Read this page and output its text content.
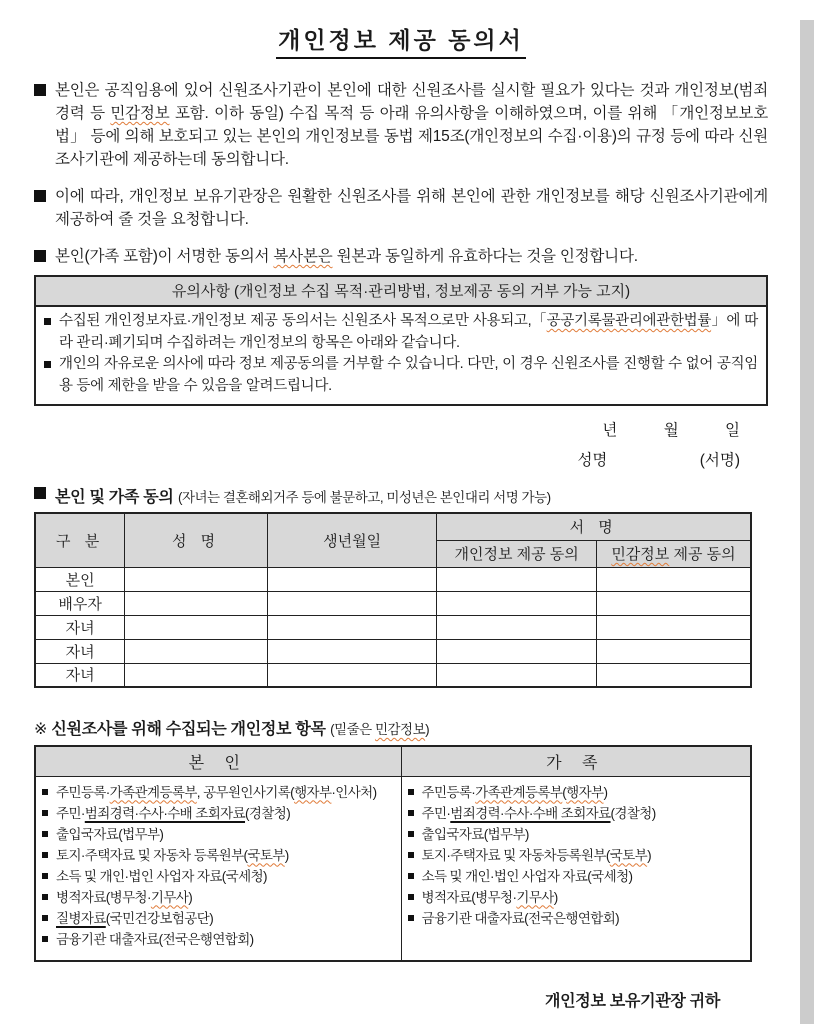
개인정보 제공 동의서
본인은 공직임용에 있어 신원조사기관이 본인에 대한 신원조사를 실시할 필요가 있다는 것과 개인정보(범죄경력 등 민감정보 포함. 이하 동일) 수집 목적 등 아래 유의사항을 이해하였으며, 이를 위해 「개인정보보호법」 등에 의해 보호되고 있는 본인의 개인정보를 동법 제15조(개인정보의 수집·이용)의 규정 등에 따라 신원조사기관에 제공하는데 동의합니다.
이에 따라, 개인정보 보유기관장은 원활한 신원조사를 위해 본인에 관한 개인정보를 해당 신원조사기관에게 제공하여 줄 것을 요청합니다.
본인(가족 포함)이 서명한 동의서 복사본은 원본과 동일하게 유효하다는 것을 인정합니다.
유의사항 (개인정보 수집 목적·관리방법, 정보제공 동의 거부 가능 고지)
수집된 개인정보자료·개인정보 제공 동의서는 신원조사 목적으로만 사용되고,「공공기록물관리에관한법률」에 따라 관리·폐기되며 수집하려는 개인정보의 항목은 아래와 같습니다.
개인의 자유로운 의사에 따라 정보 제공동의를 거부할 수 있습니다. 다만, 이 경우 신원조사를 진행할 수 없어 공직임용 등에 제한을 받을 수 있음을 알려드립니다.
년	월	일
성명	(서명)
본인 및 가족 동의 (자녀는 결혼해외거주 등에 불문하고, 미성년은 본인대리 서명 가능)
구 분	성 명	생년월일	서 명	
			개인정보 제공 동의	민감정보 제공 동의
본인				
배우자				
자녀				
자녀				
자녀				
※ 신원조사를 위해 수집되는 개인정보 항목 (밑줄은 민감정보)
본 인	가 족

주민등록·가족관계등록부, 공무원인사기록(행자부·인사처)
주민·범죄경력·수사·수배 조회자료(경찰청)
출입국자료(법무부)
토지·주택자료 및 자동차 등록원부(국토부)
소득 및 개인·법인 사업자 자료(국세청)
병적자료(병무청·기무사)
질병자료(국민건강보험공단)
금융기관 대출자료(전국은행연합회)

주민등록·가족관계등록부(행자부)
주민·범죄경력·수사·수배 조회자료(경찰청)
출입국자료(법무부)
토지·주택자료 및 자동차등록원부(국토부)
소득 및 개인·법인 사업자 자료(국세청)
병적자료(병무청·기무사)
금융기관 대출자료(전국은행연합회)
개인정보 보유기관장 귀하
